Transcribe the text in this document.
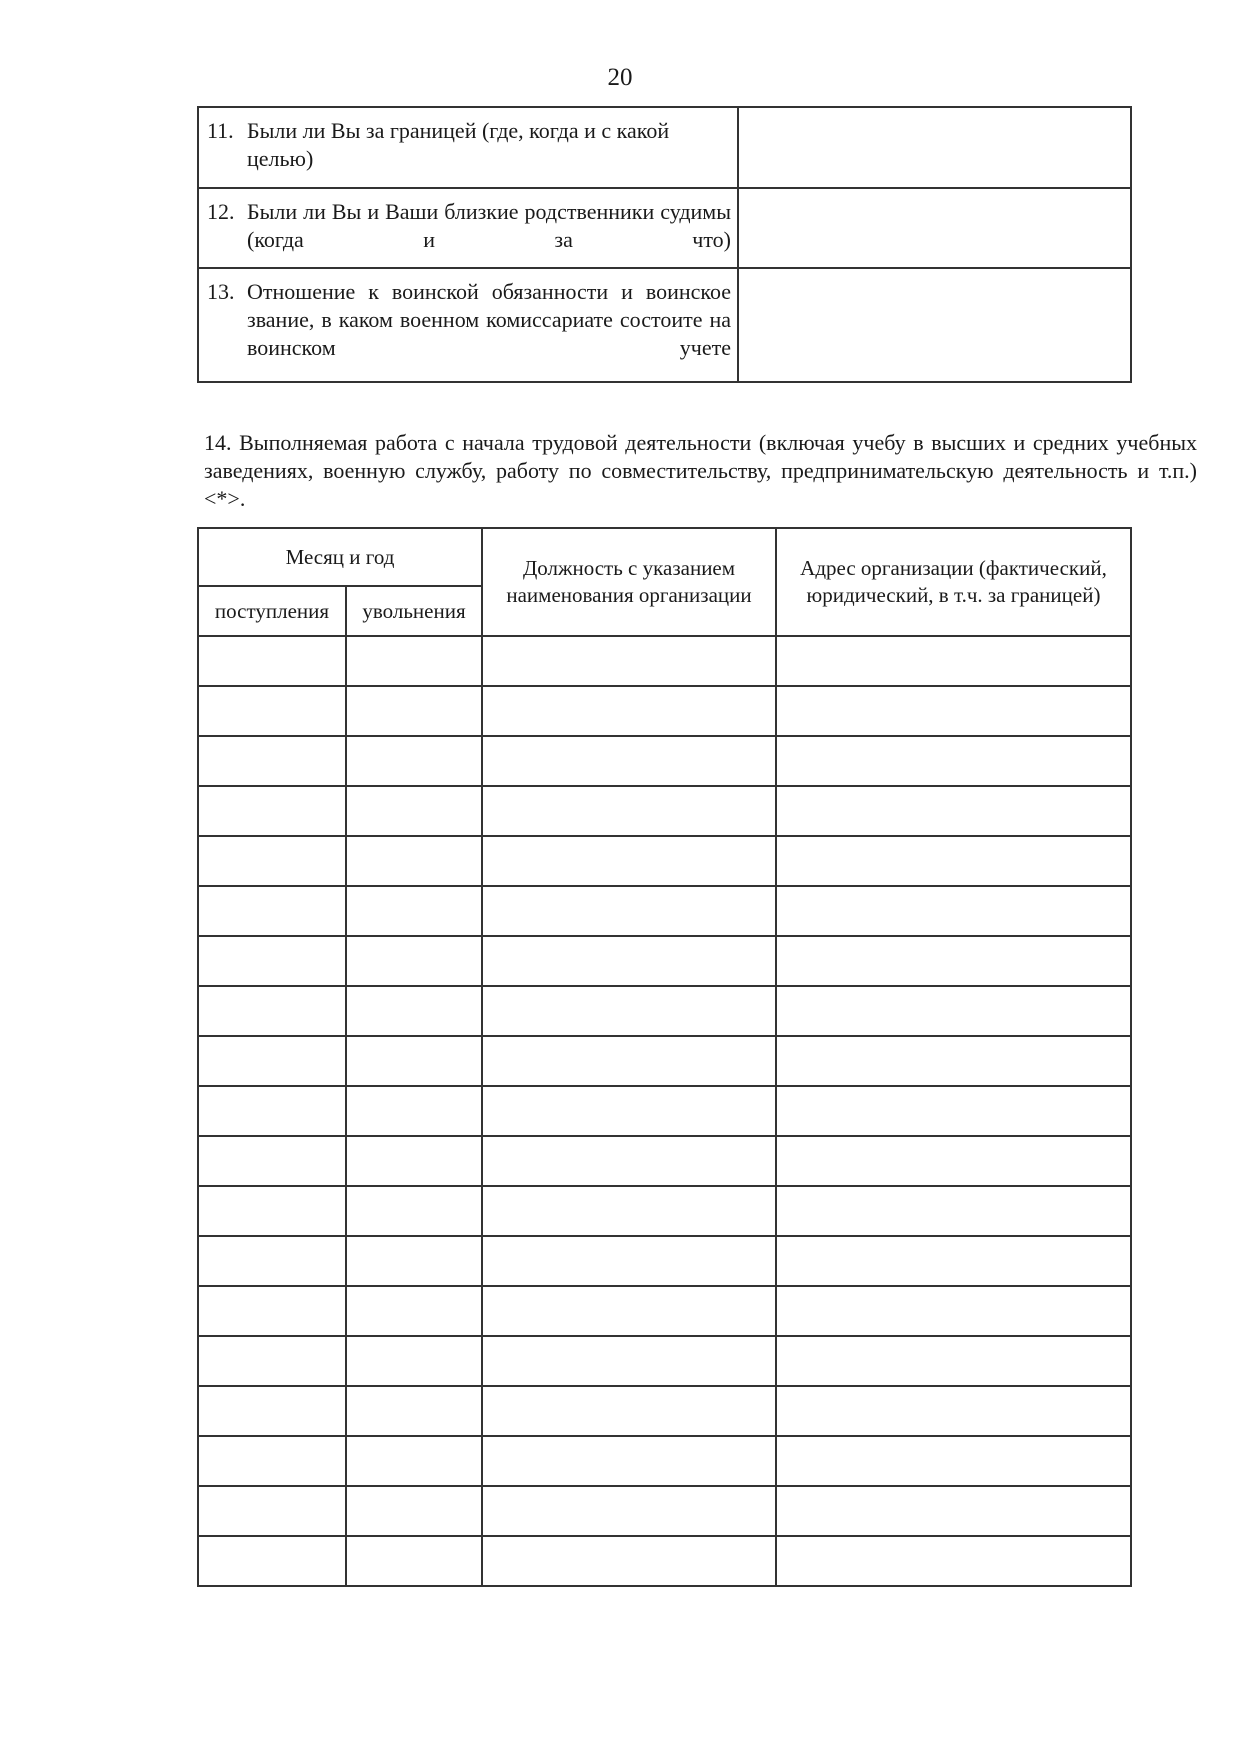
20
11. Были ли Вы за границей (где, когда и с какой целью)	

12. Были ли Вы и Ваши близкие родственники судимы (когда и за что)	

13. Отношение к воинской обязанности и воинское звание, в каком военном комиссариате состоите на воинском учете	

14. Выполняемая работа с начала трудовой деятельности (включая учебу в высших и средних учебных заведениях, военную службу, работу по совместительству, предпринимательскую деятельность и т.п.) <*>.

Месяц и год		Должность с указанием наименования организации	Адрес организации (фактический, юридический, в т.ч. за границей)
поступления	увольнения		
